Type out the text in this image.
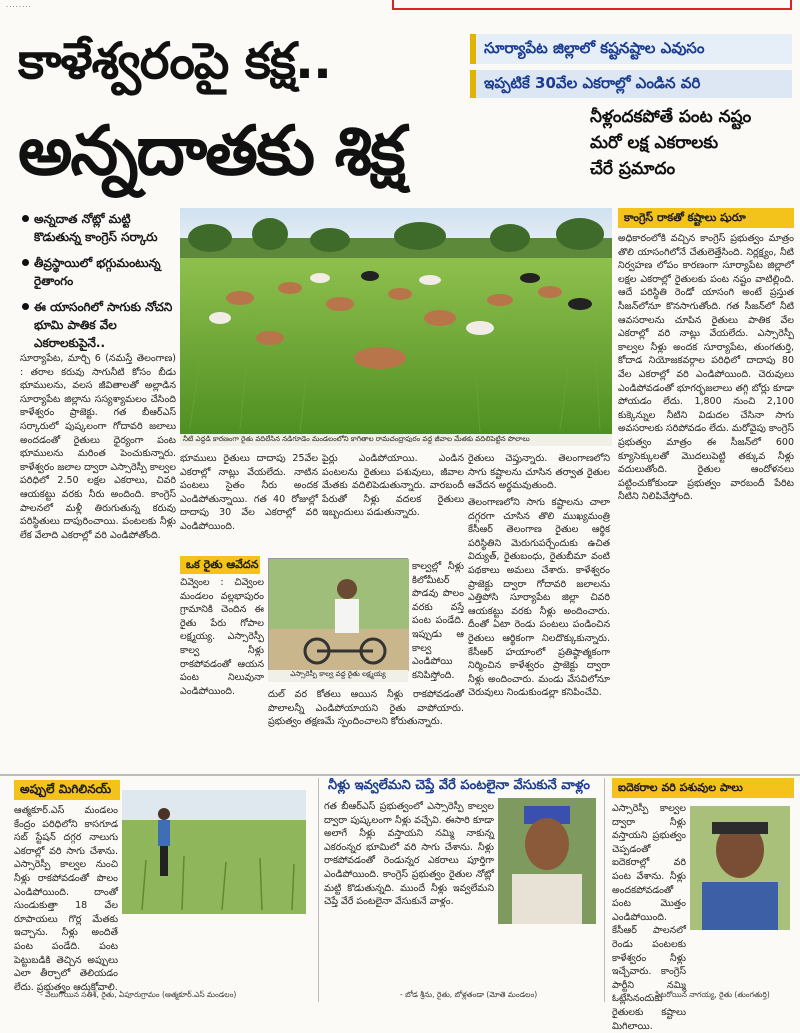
........
కాళేశ్వరంపై కక్ష..
అన్నదాతకు శిక్ష
సూర్యాపేట జిల్లాలో కష్టనష్టాల ఎవుసం
ఇప్పటికే 30వేల ఎకరాల్లో ఎండిన వరి
నీళ్లందకపోతే పంట నష్టం
మరో లక్ష ఎకరాలకు
చేరే ప్రమాదం
అన్నదాత నోట్లో మట్టి కొడుతున్న కాంగ్రెస్ సర్కారు
తీవ్రస్థాయిలో భగ్గుమంటున్న రైతాంగం
ఈ యాసంగిలో సాగుకు నోచని భూమి పాతిక వేల ఎకరాలకుపైనే..
నీటి ఎద్దడి కారణంగా రైతు వదిలేసిన నడిగూడెం మండలంలోని కాగితాల రామచంద్రాపురం వద్ద జీవాల మేతకు వదిలిపెట్టిన పొలాలు

సూర్యాపేట, మార్చి 6 (నమస్తే తెలంగాణ) : తరాల కరువు సాగునీటి కోసం బీడు భూములను, వలస జీవితాలతో అల్లాడిన సూర్యాపేట జిల్లాను సస్యశ్యామలం చేసింది కాళేశ్వరం ప్రాజెక్టు. గత బీఆర్ఎస్ సర్కారులో పుష్కలంగా గోదావరి జలాలు అందడంతో రైతులు ధైర్యంగా పంట భూములను మరింత పెంచుకున్నారు. కాళేశ్వరం జలాల ద్వారా ఎస్సారెస్పీ కాల్వల పరిధిలో 2.50 లక్షల ఎకరాలు, చివరి ఆయకట్టు వరకు నీరు అందింది. కాంగ్రెస్ పాలనలో మళ్లీ తిరుగుతున్న కరువు పరిస్థితులు దాపురించాయి. పంటలకు నీళ్లు లేక వేలాది ఎకరాల్లో వరి ఎండిపోతోంది.

భూములు రైతులు దాదాపు 25వేల ఎకరాల్లో నాట్లు వేయలేదు. నాటిన పంటలు సైతం నీరు అందక ఎండిపోతున్నాయి. గత 40 రోజుల్లో దాదాపు 30 వేల ఎకరాల్లో వరి ఎండిపోయింది.

పైర్లు ఎండిపోయాయి. ఎండిన పంటలను రైతులు పశువులు, జీవాల మేతకు వదిలిపెడుతున్నారు. వారబందీ పేరుతో నీళ్లు వదలక రైతులు ఇబ్బందులు పడుతున్నారు.

రైతులు చెప్తున్నారు. తెలంగాణలోని సాగు కష్టాలను చూసిన తర్వాత రైతుల ఆవేదన అర్థమవుతుంది.

ఒక రైతు ఆవేదన

చివ్వెంల : చివ్వెంల మండలం వల్లభాపురం గ్రామానికి చెందిన ఈ రైతు పేరు గోపాల లక్ష్మయ్య. ఎస్సారెస్పీ కాల్వ నీళ్లు రాకపోవడంతో ఆయన పంట నిలువునా ఎండిపోయింది.

ఎస్సారెస్పీ కాల్వ వద్ద రైతు లక్ష్మయ్య

కాల్వల్లో నీళ్లు కిలోమీటర్ పొడవు పొలం వరకు వస్తే పంట పండేది. ఇప్పుడు ఆ కాల్వ ఎండిపోయి కనిపిస్తోంది.

దుల్ వర కోతలు ఆయిన నీళ్లు రాకపోవడంతో పొలాలన్నీ ఎండిపోయాయని రైతు వాపోయారు. ప్రభుత్వం తక్షణమే స్పందించాలని కోరుతున్నారు.

తెలంగాణలోని సాగు కష్టాలను చాలా దగ్గరగా చూసిన తొలి ముఖ్యమంత్రి కేసీఆర్ తెలంగాణ రైతుల ఆర్థిక పరిస్థితిని మెరుగుపర్చేందుకు ఉచిత విద్యుత్, రైతుబంధు, రైతుబీమా వంటి పథకాలు అమలు చేశారు. కాళేశ్వరం ప్రాజెక్టు ద్వారా గోదావరి జలాలను ఎత్తిపోసి సూర్యాపేట జిల్లా చివరి ఆయకట్టు వరకు నీళ్లు అందించారు. దీంతో ఏటా రెండు పంటలు పండించిన రైతులు ఆర్థికంగా నిలదొక్కుకున్నారు. కేసీఆర్ హయాంలో ప్రతిష్ఠాత్మకంగా నిర్మించిన కాళేశ్వరం ప్రాజెక్టు ద్వారా నీళ్లు అందించారు. మండు వేసవిలోనూ చెరువులు నిండుకుండల్లా కనిపించేవి.

కాంగ్రెస్ రాకతో కష్టాలు షురూ

అధికారంలోకి వచ్చిన కాంగ్రెస్ ప్రభుత్వం మాత్రం తొలి యాసంగిలోనే చేతులెత్తేసింది. నిర్లక్ష్యం, నీటి నిర్వహణ లోపం కారణంగా సూర్యాపేట జిల్లాలో లక్షల ఎకరాల్లో రైతులకు పంట నష్టం వాటిల్లింది. ఆదే పరిస్థితి రెండో యాసంగి అంటే ప్రస్తుత సీజన్‌లోనూ కొనసాగుతోంది. గత సీజన్‌లో నీటి ఆవసరాలను చూపిన రైతులు పాతిక వేల ఎకరాల్లో వరి నాట్లు వేయలేదు. ఎస్సారెస్పీ కాల్వల నీళ్లు అందక సూర్యాపేట, తుంగతుర్తి, కోదాడ నియోజకవర్గాల పరిధిలో దాదాపు 80 వేల ఎకరాల్లో వరి ఎండిపోయింది. చెరువులు ఎండిపోవడంతో భూగర్భజలాలు తగ్గి బోర్లు కూడా పోయడం లేదు. 1,800 నుంచి 2,100 కుక్కెన్నుల నీటిని విడుదల చేసినా సాగు అవసరాలకు సరిపోవడం లేదు. మరోవైపు కాంగ్రెస్ ప్రభుత్వం మాత్రం ఈ సీజన్‌లో 600 క్యూసెక్కులతో మొదలుపెట్టి తక్కువ నీళ్లు వదులుతోంది. రైతుల ఆందోళనలు పట్టించుకోకుండా ప్రభుత్వం వారబందీ పేరిట నీటిని నిలిపివేస్తోంది.

అప్పులే మిగిలినయ్

ఆత్మకూర్.ఎస్ మండలం కేంద్రం పరిధిలోని కాసగూడ సబ్ స్టేషన్ దగ్గర నాలుగు ఎకరాల్లో వరి సాగు చేశాను. ఎస్సారెస్పీ కాల్వల నుంచి నీళ్లు రాకపోవడంతో పొలం ఎండిపోయింది. దాంతో సుండుకుత్తా 18 వేల రూపాయలు గొర్ల మేతకు ఇచ్చాను. నీళ్లు అందితే పంట పండేది. పంట పెట్టుబడికి తెచ్చిన అప్పులు ఎలా తీర్చాలో తెలియడం లేదు. ప్రభుత్వం ఆదుకోవాలి.

- వేలుగోయిన సతీశ్, రైతు, ఏపూరుగ్రామం (ఆత్మకూర్.ఎస్ మండలం)
నీళ్లు ఇవ్వలేమని చెప్తే వేరే పంటలైనా వేసుకునే వాళ్లం

గత బీఆర్ఎస్ ప్రభుత్వంలో ఎస్సారెస్పీ కాల్వల ద్వారా పుష్కలంగా నీళ్లు వచ్చేవి. ఈసారి కూడా అలాగే నీళ్లు వస్తాయని నమ్మి నాకున్న ఎకరంన్నర భూమిలో వరి సాగు చేశాను. నీళ్లు రాకపోవడంతో రెండున్నర ఎకరాలు పూర్తిగా ఎండిపోయింది. కాంగ్రెస్ ప్రభుత్వం రైతుల నోట్లో మట్టి కొడుతున్నది. ముందే నీళ్లు ఇవ్వలేమని చెప్తే వేరే పంటలైనా వేసుకునే వాళ్లం.

- బోడ శ్రీను, రైతు, బోళ్లతండా (మోతె మండలం)
ఐదెకరాల వరి పశువుల పాలు

ఎస్సారెస్పీ కాల్వల ద్వారా నీళ్లు వస్తాయని ప్రభుత్వం చెప్పడంతో ఐదెకరాల్లో వరి పంట వేశాను. నీళ్లు అందకపోవడంతో పంట మొత్తం ఎండిపోయింది. కేసీఆర్ పాలనలో రెండు పంటలకు కాళేశ్వరం నీళ్లు ఇచ్చేవారు. కాంగ్రెస్ పార్టీని నమ్మి ఓట్లేసినందుకు రైతులకు కష్టాలు మిగిలాయి.

- పేటరోయిన నాగయ్య, రైతు (తుంగతుర్తి)
